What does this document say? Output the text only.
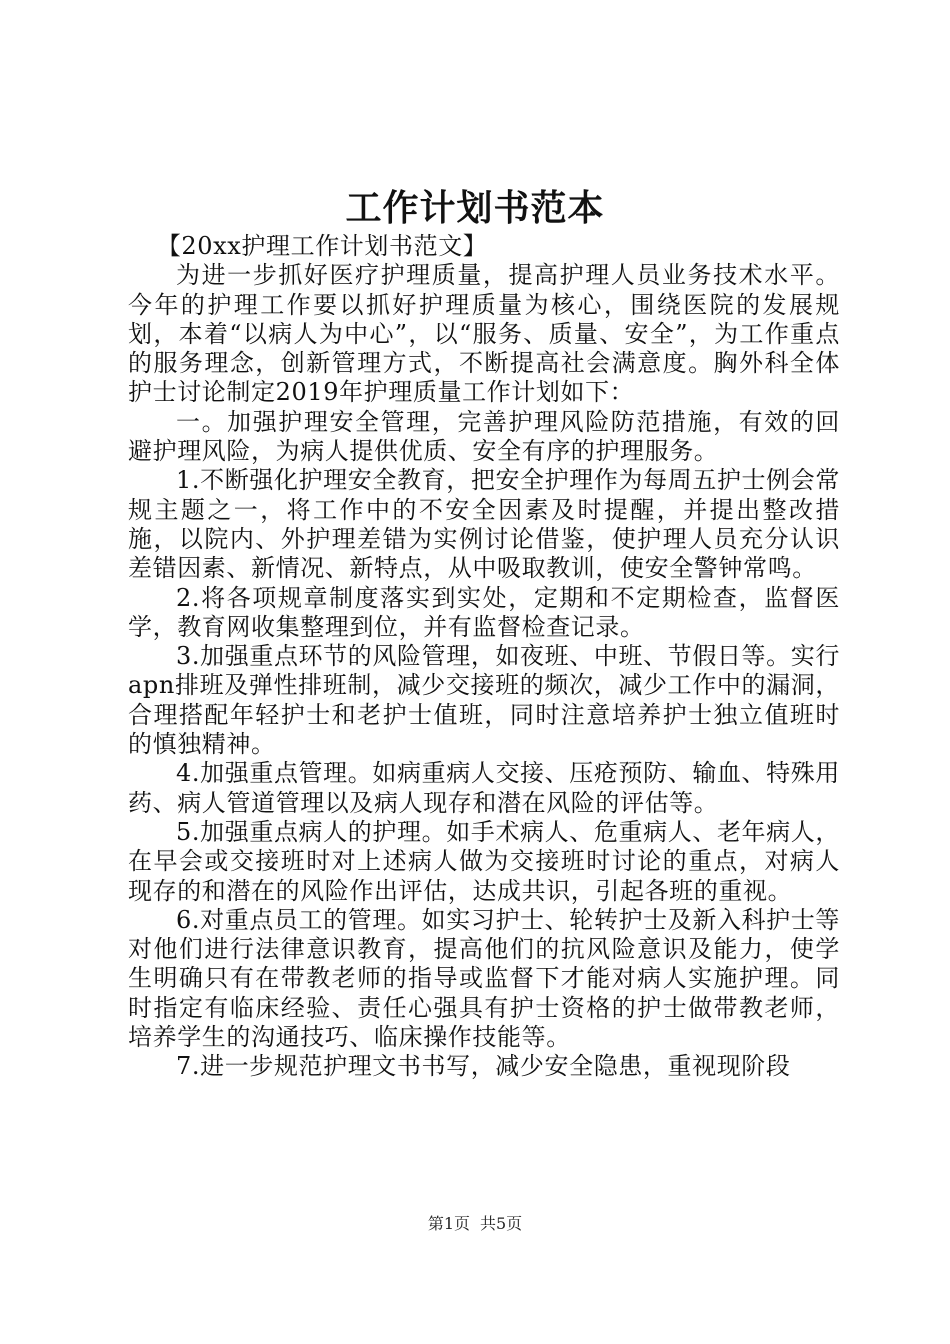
工作计划书范本

【20xx护理工作计划书范文】

为进一步抓好医疗护理质量，提高护理人员业务技术水平。今年的护理工作要以抓好护理质量为核心，围绕医院的发展规划，本着“以病人为中心”，以“服务、质量、安全”，为工作重点的服务理念，创新管理方式，不断提高社会满意度。胸外科全体护士讨论制定2019年护理质量工作计划如下：

一。加强护理安全管理，完善护理风险防范措施，有效的回避护理风险，为病人提供优质、安全有序的护理服务。

1.不断强化护理安全教育，把安全护理作为每周五护士例会常规主题之一，将工作中的不安全因素及时提醒，并提出整改措施，以院内、外护理差错为实例讨论借鉴，使护理人员充分认识差错因素、新情况、新特点，从中吸取教训，使安全警钟常鸣。

2.将各项规章制度落实到实处，定期和不定期检查，监督医学，教育网收集整理到位，并有监督检查记录。

3.加强重点环节的风险管理，如夜班、中班、节假日等。实行apn排班及弹性排班制，减少交接班的频次，减少工作中的漏洞，合理搭配年轻护士和老护士值班，同时注意培养护士独立值班时的慎独精神。

4.加强重点管理。如病重病人交接、压疮预防、输血、特殊用药、病人管道管理以及病人现存和潜在风险的评估等。

5.加强重点病人的护理。如手术病人、危重病人、老年病人，在早会或交接班时对上述病人做为交接班时讨论的重点，对病人现存的和潜在的风险作出评估，达成共识，引起各班的重视。

6.对重点员工的管理。如实习护士、轮转护士及新入科护士等对他们进行法律意识教育，提高他们的抗风险意识及能力，使学生明确只有在带教老师的指导或监督下才能对病人实施护理。同时指定有临床经验、责任心强具有护士资格的护士做带教老师，培养学生的沟通技巧、临床操作技能等。

7.进一步规范护理文书书写，减少安全隐患，重视现阶段

第1页 共5页
